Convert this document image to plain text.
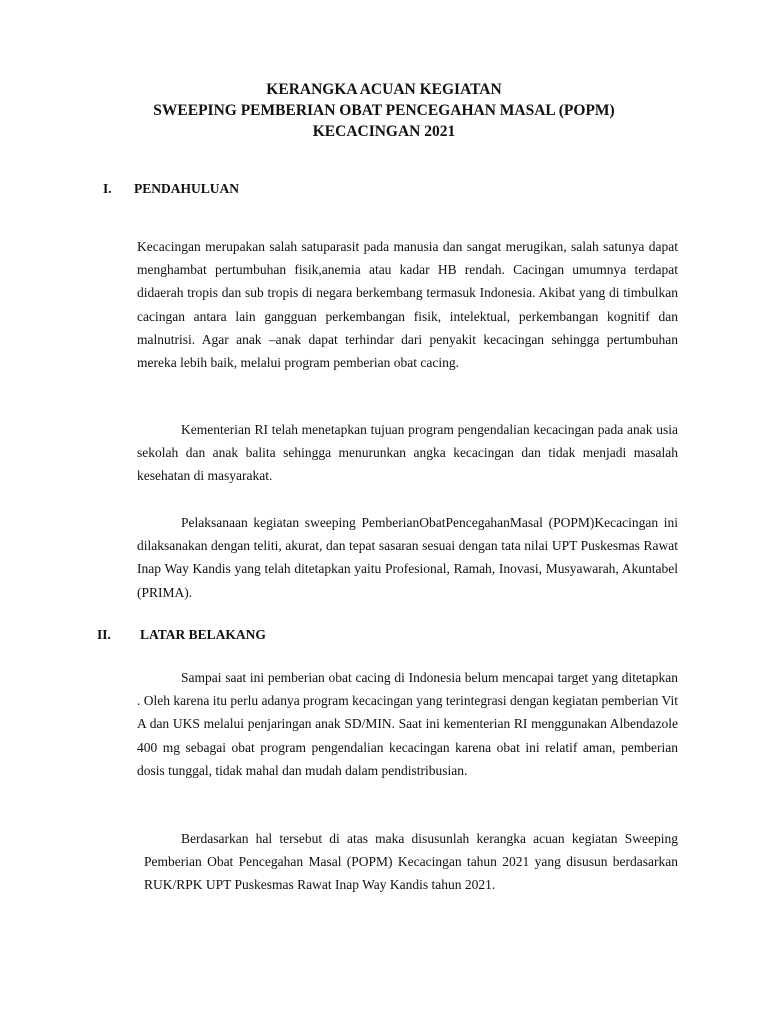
KERANGKA ACUAN KEGIATAN
SWEEPING PEMBERIAN OBAT PENCEGAHAN MASAL (POPM)
KECACINGAN 2021
I. PENDAHULUAN

Kecacingan merupakan salah satuparasit pada manusia dan sangat merugikan, salah satunya dapat menghambat pertumbuhan fisik,anemia atau kadar HB rendah. Cacingan umumnya terdapat didaerah tropis dan sub tropis di negara berkembang termasuk Indonesia. Akibat yang di timbulkan cacingan antara lain gangguan perkembangan fisik, intelektual, perkembangan kognitif dan malnutrisi. Agar anak –anak dapat terhindar dari penyakit kecacingan sehingga pertumbuhan mereka lebih baik, melalui program pemberian obat cacing.

Kementerian RI telah menetapkan tujuan program pengendalian kecacingan pada anak usia sekolah dan anak balita sehingga menurunkan angka kecacingan dan tidak menjadi masalah kesehatan di masyarakat.

Pelaksanaan kegiatan sweeping PemberianObatPencegahanMasal (POPM)Kecacingan ini dilaksanakan dengan teliti, akurat, dan tepat sasaran sesuai dengan tata nilai UPT Puskesmas Rawat Inap Way Kandis yang telah ditetapkan yaitu Profesional, Ramah, Inovasi, Musyawarah, Akuntabel (PRIMA).

II. LATAR BELAKANG

Sampai saat ini pemberian obat cacing di Indonesia belum mencapai target yang ditetapkan . Oleh karena itu perlu adanya program kecacingan yang terintegrasi dengan kegiatan pemberian Vit A dan UKS melalui penjaringan anak SD/MIN. Saat ini kementerian RI menggunakan Albendazole 400 mg sebagai obat program pengendalian kecacingan karena obat ini relatif aman, pemberian dosis tunggal, tidak mahal dan mudah dalam pendistribusian.

Berdasarkan hal tersebut di atas maka disusunlah kerangka acuan kegiatan Sweeping Pemberian Obat Pencegahan Masal (POPM) Kecacingan tahun 2021 yang disusun berdasarkan RUK/RPK UPT Puskesmas Rawat Inap Way Kandis tahun 2021.
